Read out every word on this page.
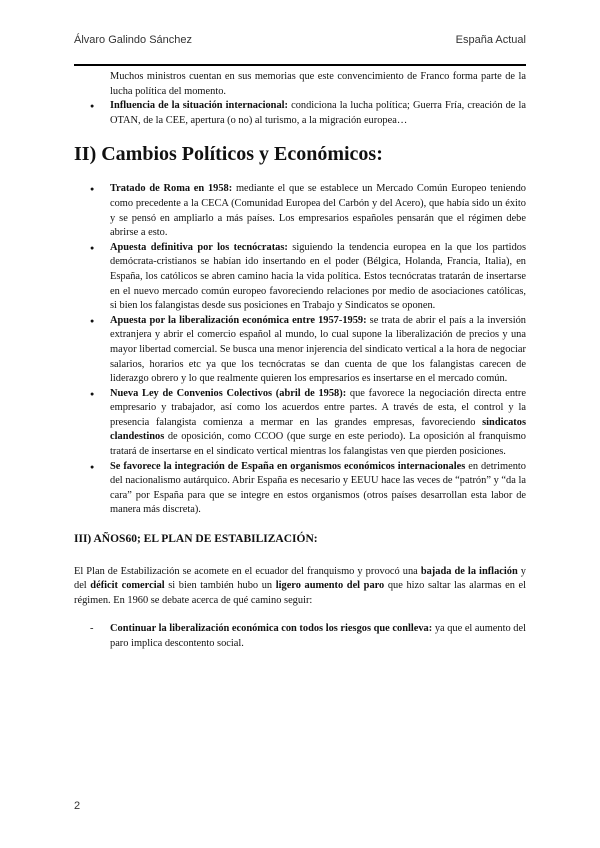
Álvaro Galindo Sánchez	España Actual

Muchos ministros cuentan en sus memorias que este convencimiento de Franco forma parte de la lucha política del momento.

● Influencia de la situación internacional: condiciona la lucha política; Guerra Fría, creación de la OTAN, de la CEE, apertura (o no) al turismo, a la migración europea…
II) Cambios Políticos y Económicos:
● Tratado de Roma en 1958: mediante el que se establece un Mercado Común Europeo teniendo como precedente a la CECA (Comunidad Europea del Carbón y del Acero), que había sido un éxito y se pensó en ampliarlo a más países. Los empresarios españoles pensarán que el régimen debe abrirse a esto.
● Apuesta definitiva por los tecnócratas: siguiendo la tendencia europea en la que los partidos demócrata-cristianos se habían ido insertando en el poder (Bélgica, Holanda, Francia, Italia), en España, los católicos se abren camino hacia la vida política. Estos tecnócratas tratarán de insertarse en el nuevo mercado común europeo favoreciendo relaciones por medio de asociaciones católicas, si bien los falangistas desde sus posiciones en Trabajo y Sindicatos se oponen.
● Apuesta por la liberalización económica entre 1957-1959: se trata de abrir el país a la inversión extranjera y abrir el comercio español al mundo, lo cual supone la liberalización de precios y una mayor libertad comercial. Se busca una menor injerencia del sindicato vertical a la hora de negociar salarios, horarios etc ya que los tecnócratas se dan cuenta de que los falangistas carecen de liderazgo obrero y lo que realmente quieren los empresarios es insertarse en el mercado común.
● Nueva Ley de Convenios Colectivos (abril de 1958): que favorece la negociación directa entre empresario y trabajador, así como los acuerdos entre partes. A través de esta, el control y la presencia falangista comienza a mermar en las grandes empresas, favoreciendo sindicatos clandestinos de oposición, como CCOO (que surge en este periodo). La oposición al franquismo tratará de insertarse en el sindicato vertical mientras los falangistas ven que pierden posiciones.
● Se favorece la integración de España en organismos económicos internacionales en detrimento del nacionalismo autárquico. Abrir España es necesario y EEUU hace las veces de “patrón” y “da la cara” por España para que se integre en estos organismos (otros países desarrollan esta labor de manera más discreta).
III) AÑOS60; EL PLAN DE ESTABILIZACIÓN:

El Plan de Estabilización se acomete en el ecuador del franquismo y provocó una bajada de la inflación y del déficit comercial si bien también hubo un ligero aumento del paro que hizo saltar las alarmas en el régimen. En 1960 se debate acerca de qué camino seguir:

- Continuar la liberalización económica con todos los riesgos que conlleva: ya que el aumento del paro implica descontento social.
2
